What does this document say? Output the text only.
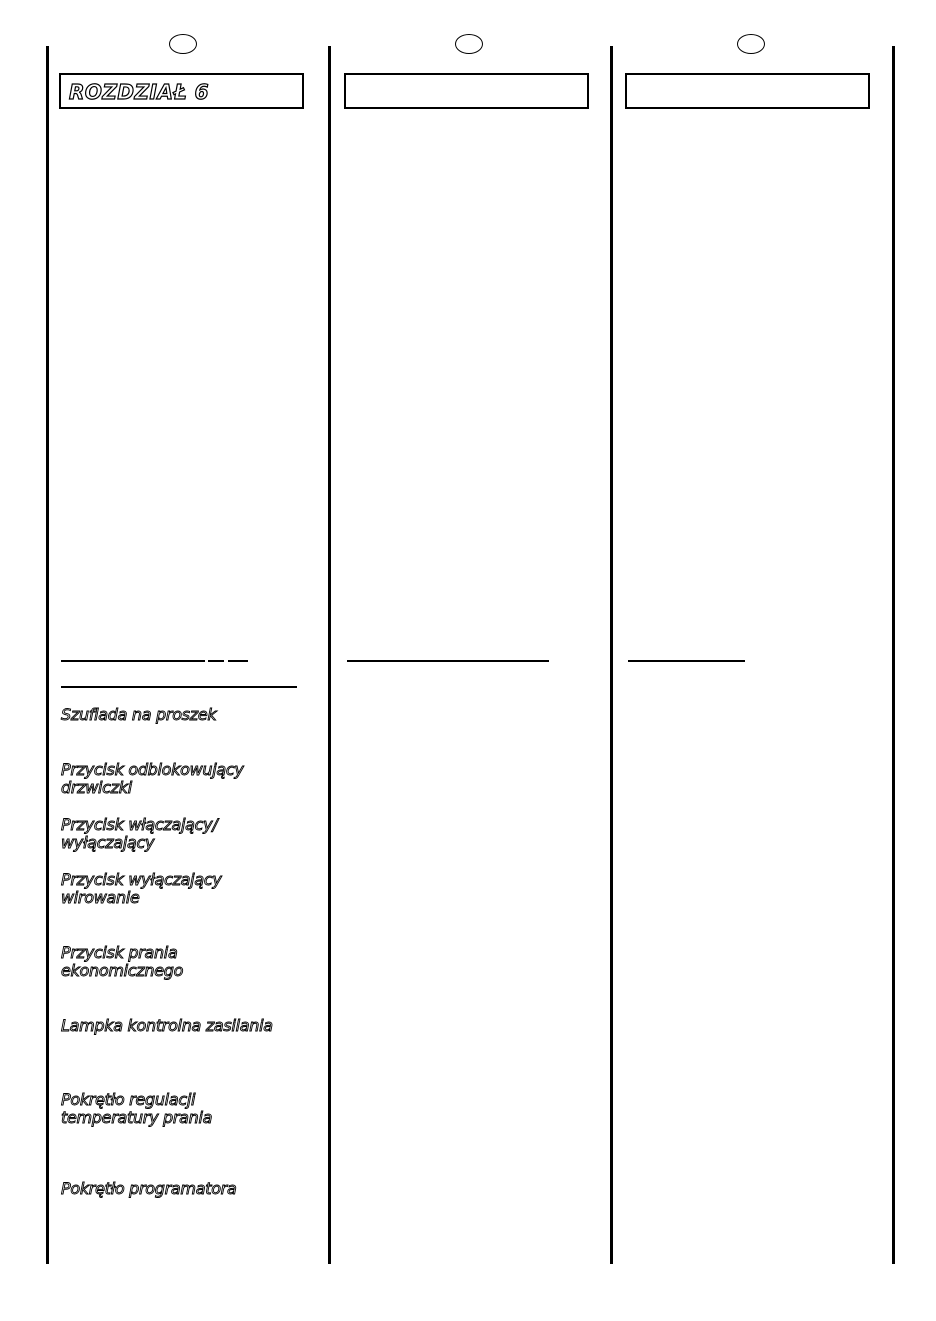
ROZDZIAŁ 6
Szuflada na proszek
Przycisk odblokowujący
drzwiczki
Przycisk włączający/
wyłączający
Przycisk wyłączający
wirowanie
Przycisk prania
ekonomicznego
Lampka kontrolna zasilania
Pokrętło regulacji
temperatury prania
Pokrętło programatora
